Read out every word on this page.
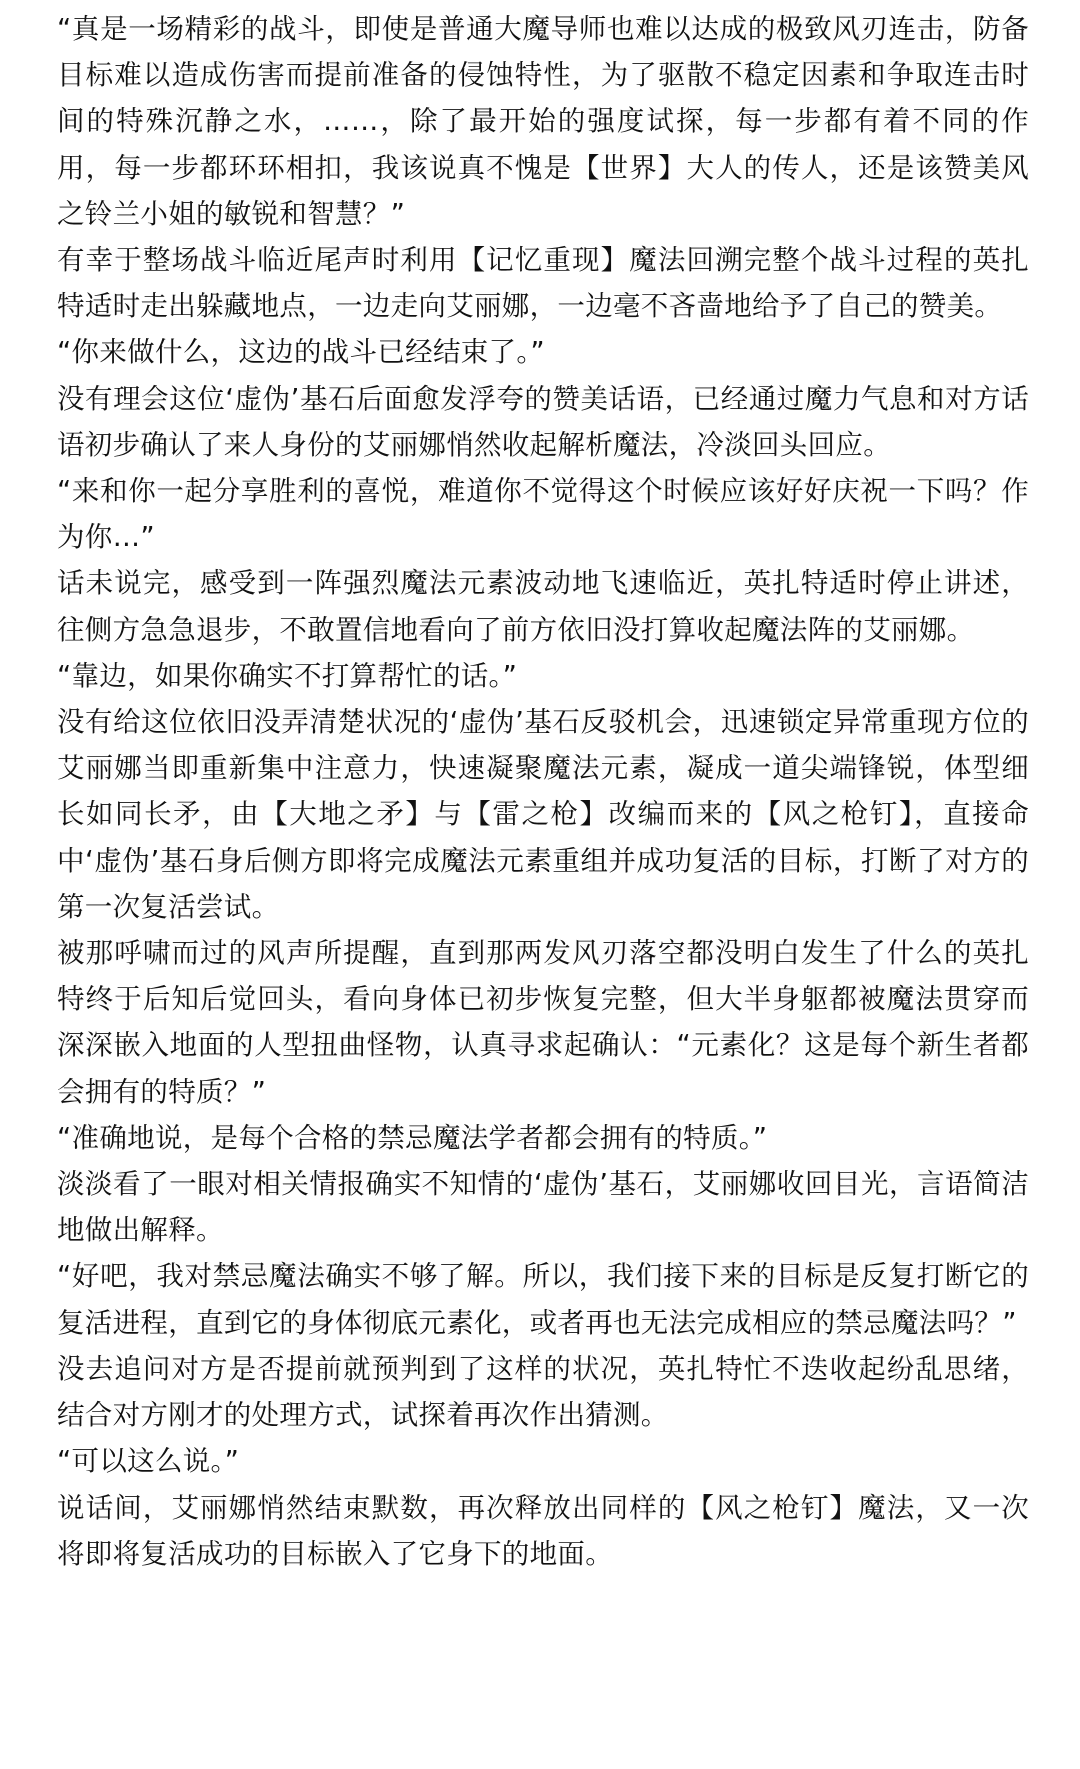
“真是一场精彩的战斗，即使是普通大魔导师也难以达成的极致风刃连击，防备目标难以造成伤害而提前准备的侵蚀特性，为了驱散不稳定因素和争取连击时间的特殊沉静之水，……，除了最开始的强度试探，每一步都有着不同的作用，每一步都环环相扣，我该说真不愧是【世界】大人的传人，还是该赞美风之铃兰小姐的敏锐和智慧？”

有幸于整场战斗临近尾声时利用【记忆重现】魔法回溯完整个战斗过程的英扎特适时走出躲藏地点，一边走向艾丽娜，一边毫不吝啬地给予了自己的赞美。

“你来做什么，这边的战斗已经结束了。”

没有理会这位‘虚伪’基石后面愈发浮夸的赞美话语，已经通过魔力气息和对方话语初步确认了来人身份的艾丽娜悄然收起解析魔法，冷淡回头回应。

“来和你一起分享胜利的喜悦，难道你不觉得这个时候应该好好庆祝一下吗？作为你…”

话未说完，感受到一阵强烈魔法元素波动地飞速临近，英扎特适时停止讲述，往侧方急急退步，不敢置信地看向了前方依旧没打算收起魔法阵的艾丽娜。

“靠边，如果你确实不打算帮忙的话。”

没有给这位依旧没弄清楚状况的‘虚伪’基石反驳机会，迅速锁定异常重现方位的艾丽娜当即重新集中注意力，快速凝聚魔法元素，凝成一道尖端锋锐，体型细长如同长矛，由【大地之矛】与【雷之枪】改编而来的【风之枪钉】，直接命中‘虚伪’基石身后侧方即将完成魔法元素重组并成功复活的目标，打断了对方的第一次复活尝试。

被那呼啸而过的风声所提醒，直到那两发风刃落空都没明白发生了什么的英扎特终于后知后觉回头，看向身体已初步恢复完整，但大半身躯都被魔法贯穿而深深嵌入地面的人型扭曲怪物，认真寻求起确认：“元素化？这是每个新生者都会拥有的特质？”

“准确地说，是每个合格的禁忌魔法学者都会拥有的特质。”

淡淡看了一眼对相关情报确实不知情的‘虚伪’基石，艾丽娜收回目光，言语简洁地做出解释。

“好吧，我对禁忌魔法确实不够了解。所以，我们接下来的目标是反复打断它的复活进程，直到它的身体彻底元素化，或者再也无法完成相应的禁忌魔法吗？”

没去追问对方是否提前就预判到了这样的状况，英扎特忙不迭收起纷乱思绪，结合对方刚才的处理方式，试探着再次作出猜测。

“可以这么说。”

说话间，艾丽娜悄然结束默数，再次释放出同样的【风之枪钉】魔法，又一次将即将复活成功的目标嵌入了它身下的地面。
